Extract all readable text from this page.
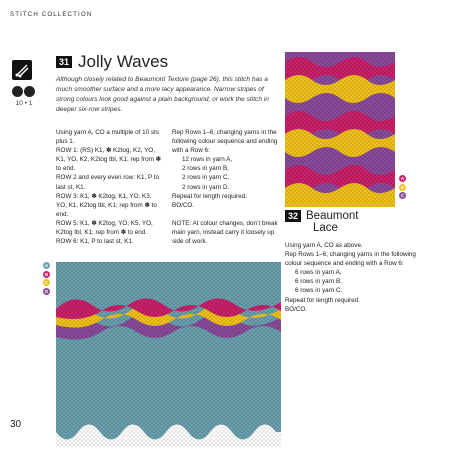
STITCH COLLECTION
10 • 1
31 Jolly Waves
Although closely related to Beaumont Texture (page 26), this stitch has a much smoother surface and a more lacy appearance. Narrow stripes of strong colours look good against a plain background, or work the stitch in deeper six-row stripes.
Using yarn A, CO a multiple of 10 sts plus 1.
ROW 1: (RS) K1, ✽ K2tog, K2, YO, K1, YO, K2, K2tog tbl, K1; rep from ✽ to end.
ROW 2 and every even row: K1, P to last st, K1.
ROW 3: K1, ✽ K2tog, K1, YO, K3, YO, K1, K2tog tbl, K1; rep from ✽ to end.
ROW 5: K1, ✽ K2tog, YO, K5, YO, K2tog tbl, K1; rep from ✽ to end.
ROW 6: K1, P to last st, K1.
Rep Rows 1–6, changing yarns in the following colour sequence and ending with a Row 6:
12 rows in yarn A,
2 rows in yarn B,
2 rows in yarn C,
2 rows in yarn D.
Repeat for length required.
BO/CO.
NOTE: At colour changes, don’t break main yarn, instead carry it loosely up side of work.
A
B
C
D
A
B
C
32 Beaumont
Lace
Using yarn A, CO as above.
Rep Rows 1–6, changing yarns in the following colour sequence and ending with a Row 6:
6 rows in yarn A,
6 rows in yarn B,
6 rows in yarn C.
Repeat for length required.
BO/CO.
30
